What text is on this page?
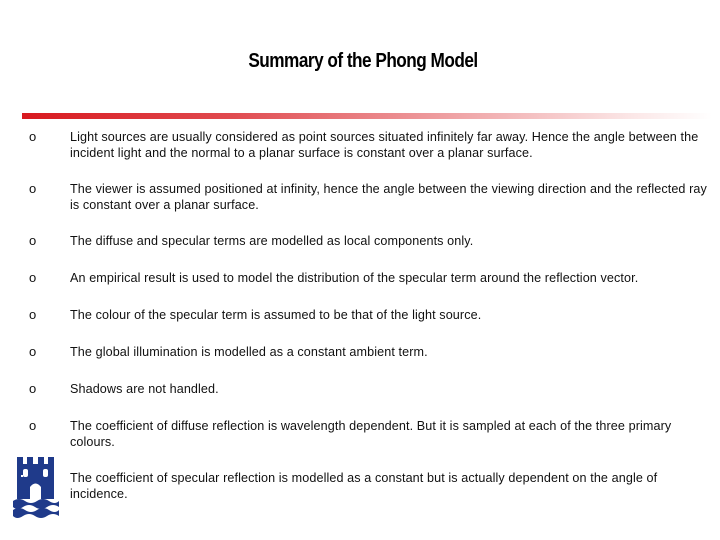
Summary of the Phong Model
o	Light sources are usually considered as point sources situated infinitely far away. Hence the angle between the incident light and the normal to a planar surface is constant over a planar surface.
o	The viewer is assumed positioned at infinity, hence the angle between the viewing direction and the reflected ray is constant over a planar surface.
o	The diffuse and specular terms are modelled as local components only.
o	An empirical result is used to model the distribution of the specular term around the reflection vector.
o	The colour of the specular term is assumed to be that of the light source.
o	The global illumination is modelled as a constant ambient term.
o	Shadows are not handled.
o	The coefficient of diffuse reflection is wavelength dependent. But it is sampled at each of the three primary colours.
The coefficient of specular reflection is modelled as a constant but is actually dependent on the angle of incidence.
